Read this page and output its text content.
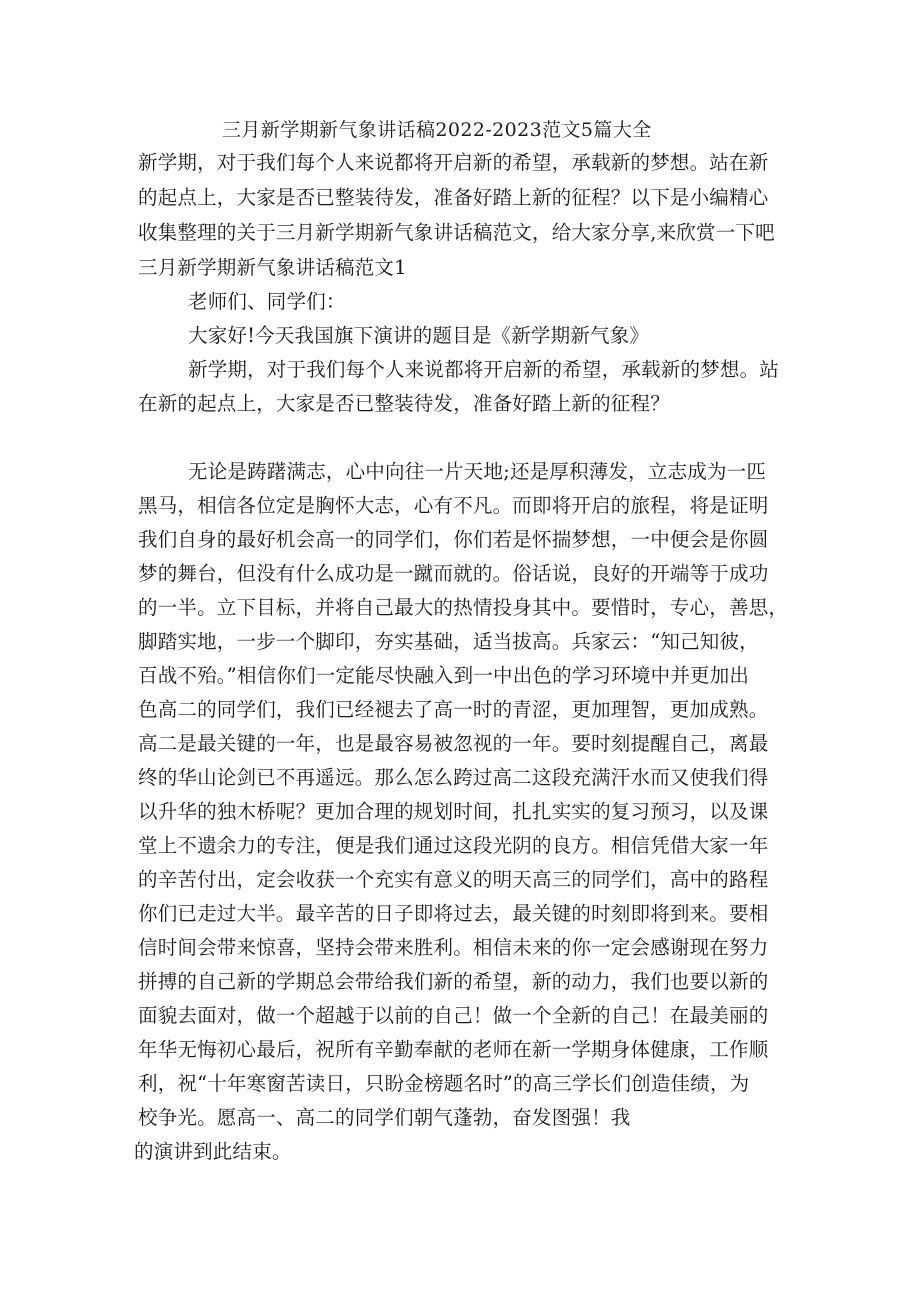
三月新学期新气象讲话稿2022-2023范文5篇大全
新学期，对于我们每个人来说都将开启新的希望，承载新的梦想。站在新
的起点上，大家是否已整装待发，准备好踏上新的征程？以下是小编精心
收集整理的关于三月新学期新气象讲话稿范文，给大家分享,来欣赏一下吧
三月新学期新气象讲话稿范文1
老师们、同学们：
大家好!今天我国旗下演讲的题目是《新学期新气象》
新学期，对于我们每个人来说都将开启新的希望，承载新的梦想。站
在新的起点上，大家是否已整装待发，准备好踏上新的征程？
无论是踌躇满志，心中向往一片天地;还是厚积薄发，立志成为一匹
黑马，相信各位定是胸怀大志，心有不凡。而即将开启的旅程，将是证明
我们自身的最好机会高一的同学们，你们若是怀揣梦想，一中便会是你圆
梦的舞台，但没有什么成功是一蹴而就的。俗话说，良好的开端等于成功
的一半。立下目标，并将自己最大的热情投身其中。要惜时，专心，善思，
脚踏实地，一步一个脚印，夯实基础，适当拔高。兵家云：“知己知彼，
百战不殆。”相信你们一定能尽快融入到一中出色的学习环境中并更加出
色高二的同学们，我们已经褪去了高一时的青涩，更加理智，更加成熟。
高二是最关键的一年，也是最容易被忽视的一年。要时刻提醒自己，离最
终的华山论剑已不再遥远。那么怎么跨过高二这段充满汗水而又使我们得
以升华的独木桥呢？更加合理的规划时间，扎扎实实的复习预习，以及课
堂上不遗余力的专注，便是我们通过这段光阴的良方。相信凭借大家一年
的辛苦付出，定会收获一个充实有意义的明天高三的同学们，高中的路程
你们已走过大半。最辛苦的日子即将过去，最关键的时刻即将到来。要相
信时间会带来惊喜，坚持会带来胜利。相信未来的你一定会感谢现在努力
拼搏的自己新的学期总会带给我们新的希望，新的动力，我们也要以新的
面貌去面对，做一个超越于以前的自己！做一个全新的自己！在最美丽的
年华无悔初心最后，祝所有辛勤奉献的老师在新一学期身体健康，工作顺
利，祝“十年寒窗苦读日，只盼金榜题名时”的高三学长们创造佳绩，为
校争光。愿高一、高二的同学们朝气蓬勃，奋发图强！我
的演讲到此结束。
